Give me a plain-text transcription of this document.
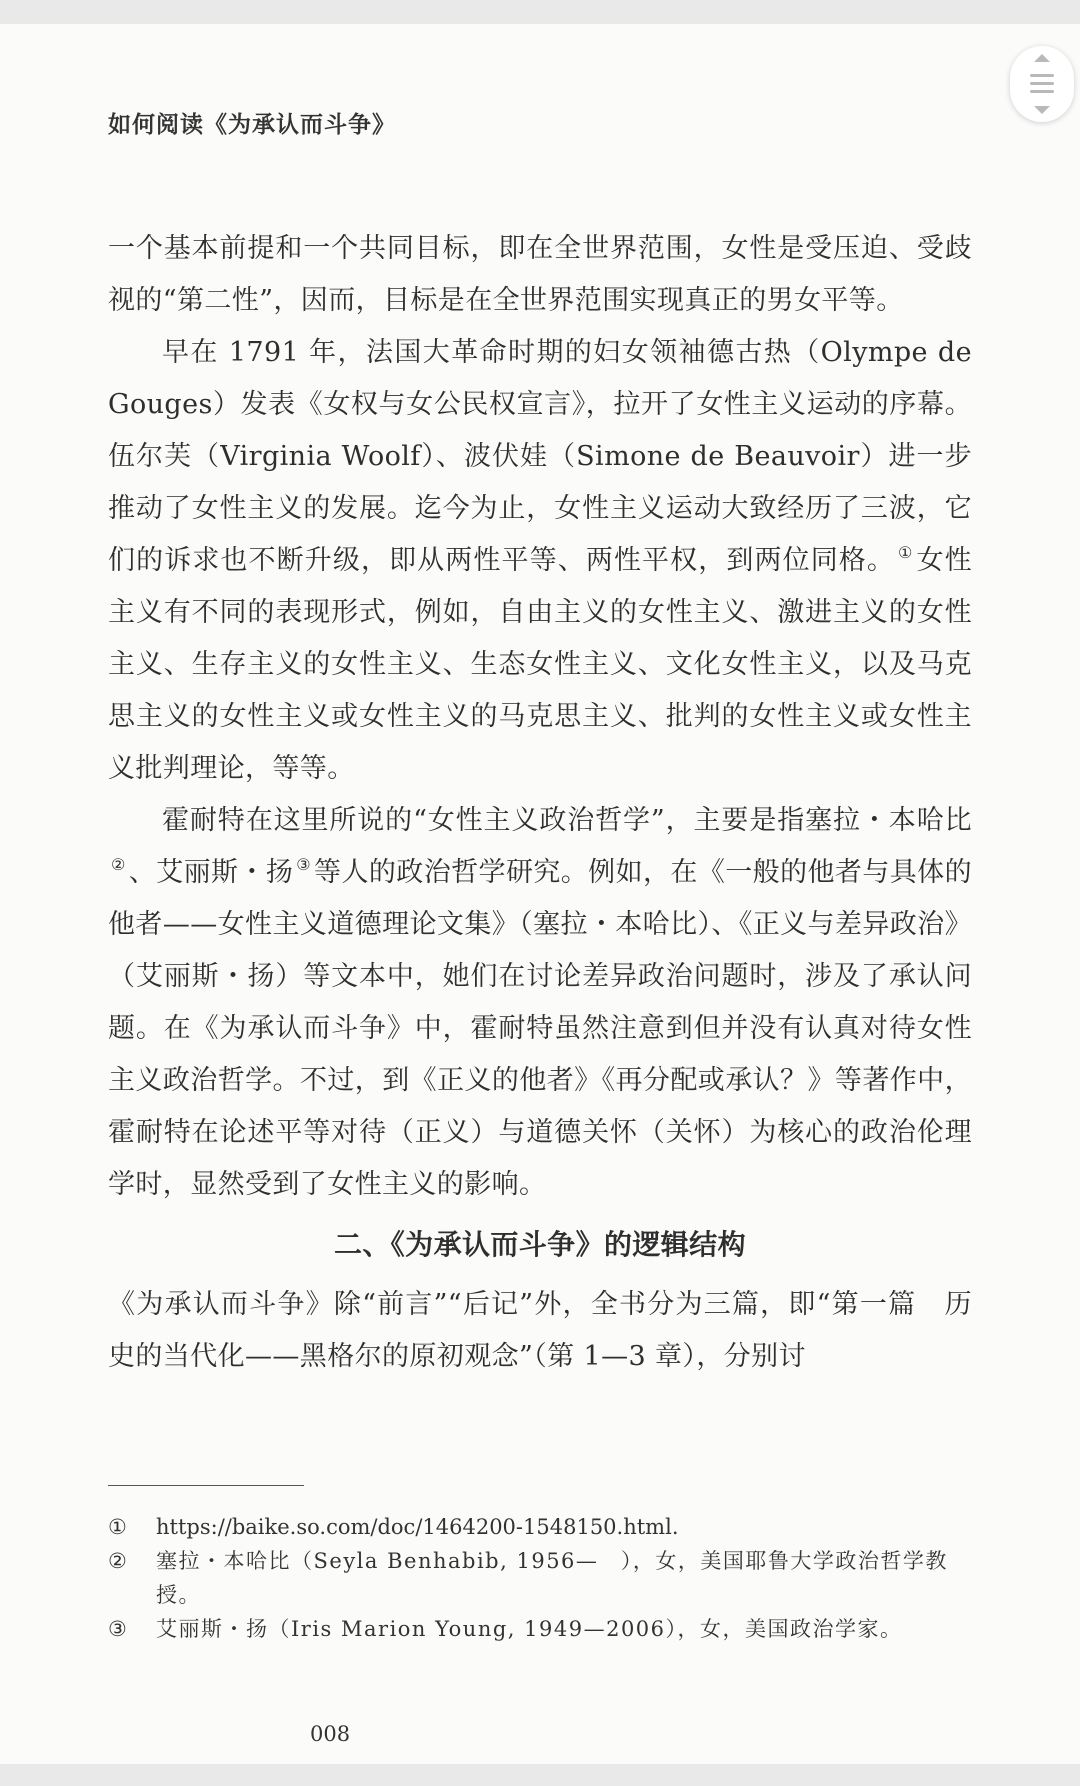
如何阅读《为承认而斗争》

一个基本前提和一个共同目标，即在全世界范围，女性是受压迫、受歧视的“第二性”，因而，目标是在全世界范围实现真正的男女平等。

早在 1791 年，法国大革命时期的妇女领袖德古热（Olympe de Gouges）发表《女权与女公民权宣言》，拉开了女性主义运动的序幕。伍尔芙（Virginia Woolf）、波伏娃（Simone de Beauvoir）进一步推动了女性主义的发展。迄今为止，女性主义运动大致经历了三波，它们的诉求也不断升级，即从两性平等、两性平权，到两位同格。 ① 女性主义有不同的表现形式，例如，自由主义的女性主义、激进主义的女性主义、生存主义的女性主义、生态女性主义、文化女性主义，以及马克思主义的女性主义或女性主义的马克思主义、批判的女性主义或女性主义批判理论，等等。

霍耐特在这里所说的“女性主义政治哲学”，主要是指塞拉・本哈比② 、艾丽斯・扬 ③ 等人的政治哲学研究。例如，在《一般的他者与具体的他者——女性主义道德理论文集》（塞拉・本哈比）、《正义与差异政治》（艾丽斯・扬）等文本中，她们在讨论差异政治问题时，涉及了承认问题。在《为承认而斗争》中，霍耐特虽然注意到但并没有认真对待女性主义政治哲学。不过，到《正义的他者》《再分配或承认？》等著作中，霍耐特在论述平等对待（正义）与道德关怀（关怀）为核心的政治伦理学时，显然受到了女性主义的影响。

二、《为承认而斗争》的逻辑结构

《为承认而斗争》除“前言”“后记”外，全书分为三篇，即“第一篇　历史的当代化——黑格尔的原初观念”（第 1—3 章），分别讨

① https://baike.so.com/doc/1464200-1548150.html.
② 塞拉・本哈比（Seyla Benhabib, 1956—　），女，美国耶鲁大学政治哲学教授。
③ 艾丽斯・扬（Iris Marion Young, 1949—2006），女，美国政治学家。
008
